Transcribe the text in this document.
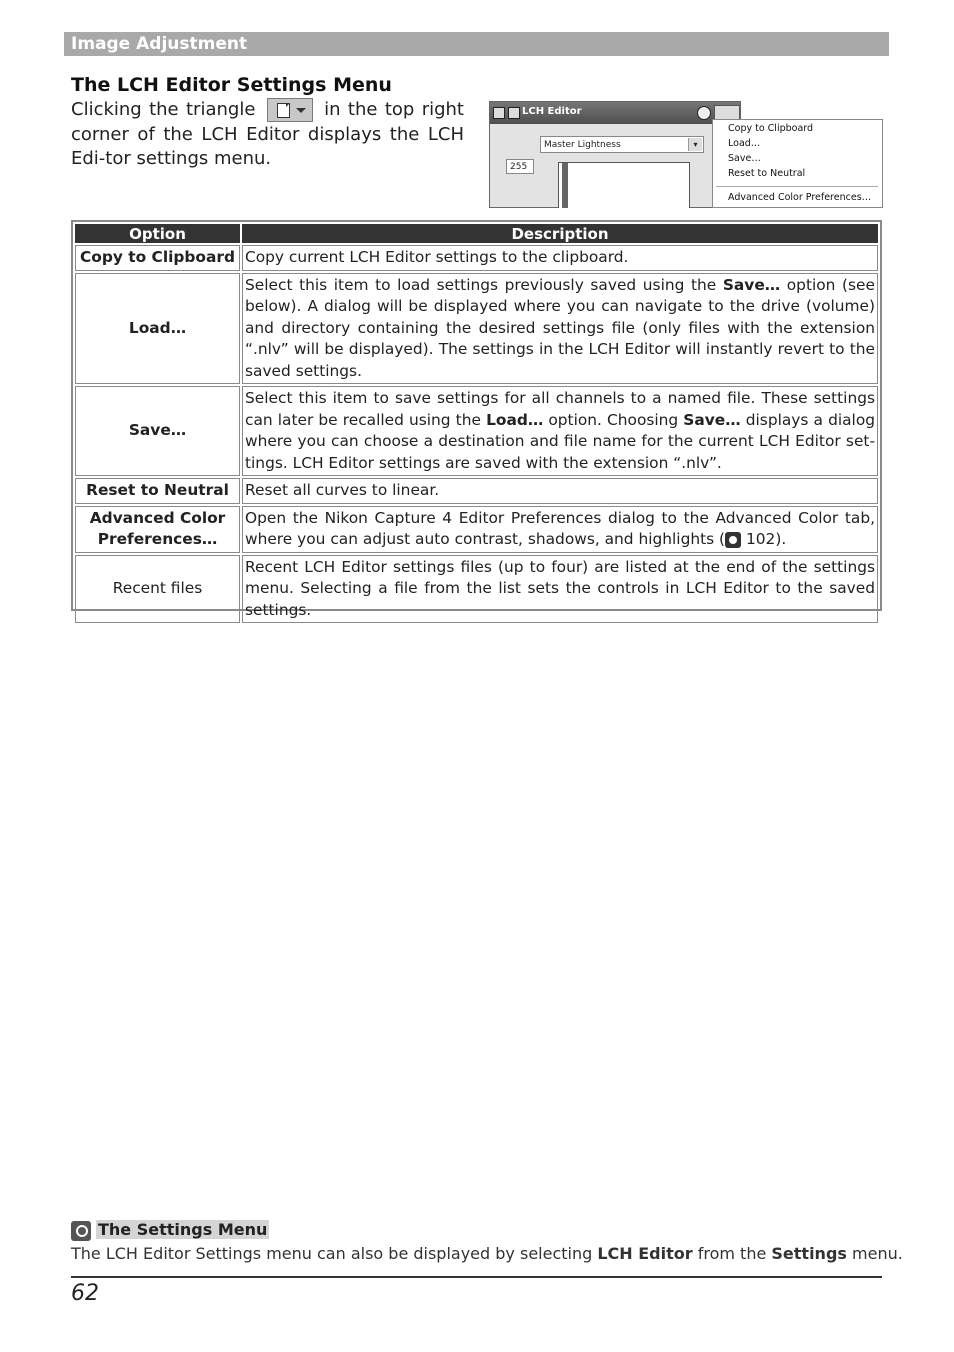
Image Adjustment
The LCH Editor Settings Menu

Clicking the triangle	in the top right corner of the LCH Editor displays the LCH Edi-tor settings menu.

LCH Editor
Master Lightness	▾
255
Copy to Clipboard
Load…
Save…
Reset to Neutral
Advanced Color Preferences…
Option	Description
Copy to Clipboard	Copy current LCH Editor settings to the clipboard.
Load…	Select this item to load settings previously saved using the Save… option (see below). A dialog will be displayed where you can navigate to the drive (volume) and directory containing the desired settings file (only files with the extension “.nlv” will be displayed). The settings in the LCH Editor will instantly revert to the saved settings.
Save…	Select this item to save settings for all channels to a named file. These settings can later be recalled using the Load… option. Choosing Save… displays a dialog where you can choose a destination and file name for the current LCH Editor set-tings. LCH Editor settings are saved with the extension “.nlv”.
Reset to Neutral	Reset all curves to linear.
Advanced Color
Preferences…	Open the Nikon Capture 4 Editor Preferences dialog to the Advanced Color tab, where you can adjust auto contrast, shadows, and highlights ( 102).
Recent files	Recent LCH Editor settings files (up to four) are listed at the end of the settings menu. Selecting a file from the list sets the controls in LCH Editor to the saved settings.
The Settings Menu
The LCH Editor Settings menu can also be displayed by selecting LCH Editor from the Settings menu.
62
